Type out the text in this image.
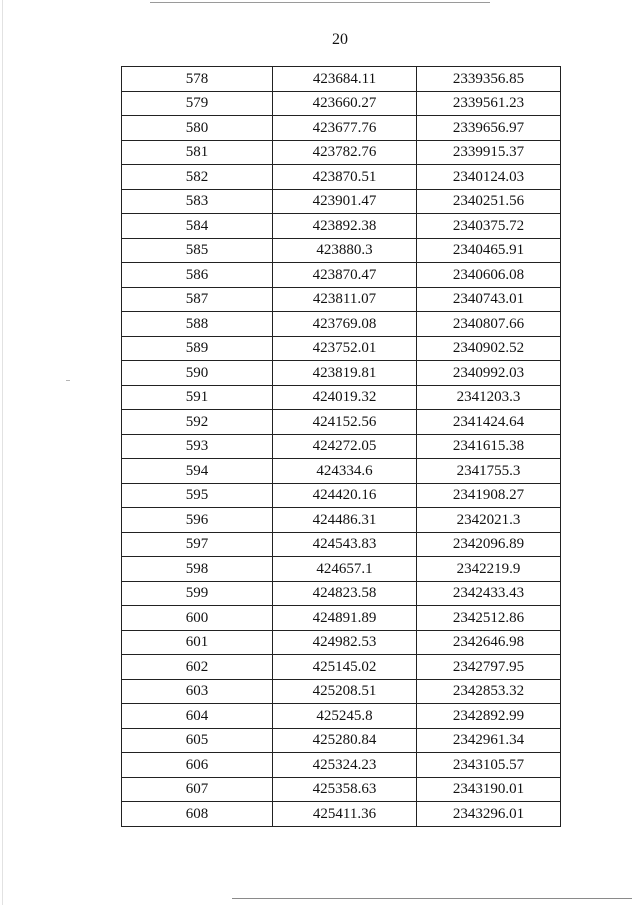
20
578	423684.11	2339356.85
579	423660.27	2339561.23
580	423677.76	2339656.97
581	423782.76	2339915.37
582	423870.51	2340124.03
583	423901.47	2340251.56
584	423892.38	2340375.72
585	423880.3	2340465.91
586	423870.47	2340606.08
587	423811.07	2340743.01
588	423769.08	2340807.66
589	423752.01	2340902.52
590	423819.81	2340992.03
591	424019.32	2341203.3
592	424152.56	2341424.64
593	424272.05	2341615.38
594	424334.6	2341755.3
595	424420.16	2341908.27
596	424486.31	2342021.3
597	424543.83	2342096.89
598	424657.1	2342219.9
599	424823.58	2342433.43
600	424891.89	2342512.86
601	424982.53	2342646.98
602	425145.02	2342797.95
603	425208.51	2342853.32
604	425245.8	2342892.99
605	425280.84	2342961.34
606	425324.23	2343105.57
607	425358.63	2343190.01
608	425411.36	2343296.01
